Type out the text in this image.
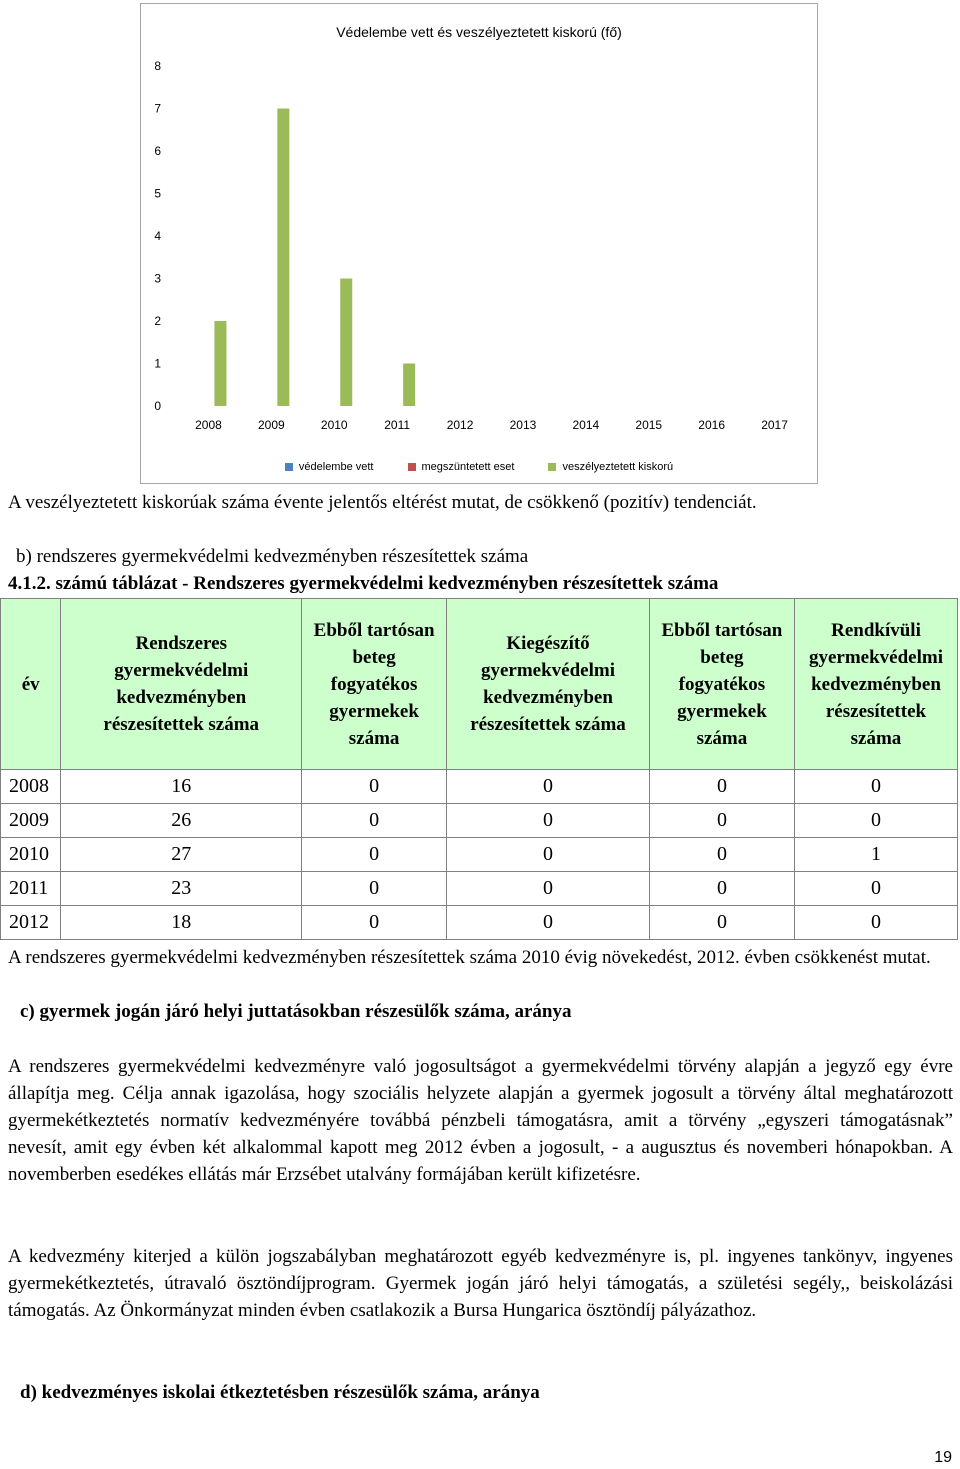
Védelembe vett és veszélyeztetett kiskorú (fő)
0
1
2
3
4
5
6
7
8
2008	2009	2010	2011	2012	2013	2014	2015	2016	2017
védelembe vett	megszüntetett eset	veszélyeztetett kiskorú

A veszélyeztetett kiskorúak száma évente jelentős eltérést mutat, de csökkenő (pozitív) tendenciát.

b) rendszeres gyermekvédelmi kedvezményben részesítettek száma

4.1.2. számú táblázat - Rendszeres gyermekvédelmi kedvezményben részesítettek száma

év	Rendszeres gyermekvédelmi kedvezményben részesítettek száma	Ebből tartósan beteg fogyatékos gyermekek száma	Kiegészítő gyermekvédelmi kedvezményben részesítettek száma	Ebből tartósan beteg fogyatékos gyermekek száma	Rendkívüli gyermekvédelmi kedvezményben részesítettek száma
2008	16	0	0	0	0
2009	26	0	0	0	0
2010	27	0	0	0	1
2011	23	0	0	0	0
2012	18	0	0	0	0

A rendszeres gyermekvédelmi kedvezményben részesítettek száma 2010 évig növekedést, 2012. évben csökkenést mutat.

c) gyermek jogán járó helyi juttatásokban részesülők száma, aránya

A rendszeres gyermekvédelmi kedvezményre való jogosultságot a gyermekvédelmi törvény alapján a jegyző egy évre állapítja meg. Célja annak igazolása, hogy szociális helyzete alapján a gyermek jogosult a törvény által meghatározott gyermekétkeztetés normatív kedvezményére továbbá pénzbeli támogatásra, amit a törvény „egyszeri támogatásnak” nevesít, amit egy évben két alkalommal kapott meg 2012 évben a jogosult, - a augusztus és novemberi hónapokban. A novemberben esedékes ellátás már Erzsébet utalvány formájában került kifizetésre.

A kedvezmény kiterjed a külön jogszabályban meghatározott egyéb kedvezményre is, pl. ingyenes tankönyv, ingyenes gyermekétkeztetés, útravaló ösztöndíjprogram. Gyermek jogán járó helyi támogatás, a születési segély,, beiskolázási támogatás. Az Önkormányzat minden évben csatlakozik a Bursa Hungarica ösztöndíj pályázathoz.

d) kedvezményes iskolai étkeztetésben részesülők száma, aránya

19
